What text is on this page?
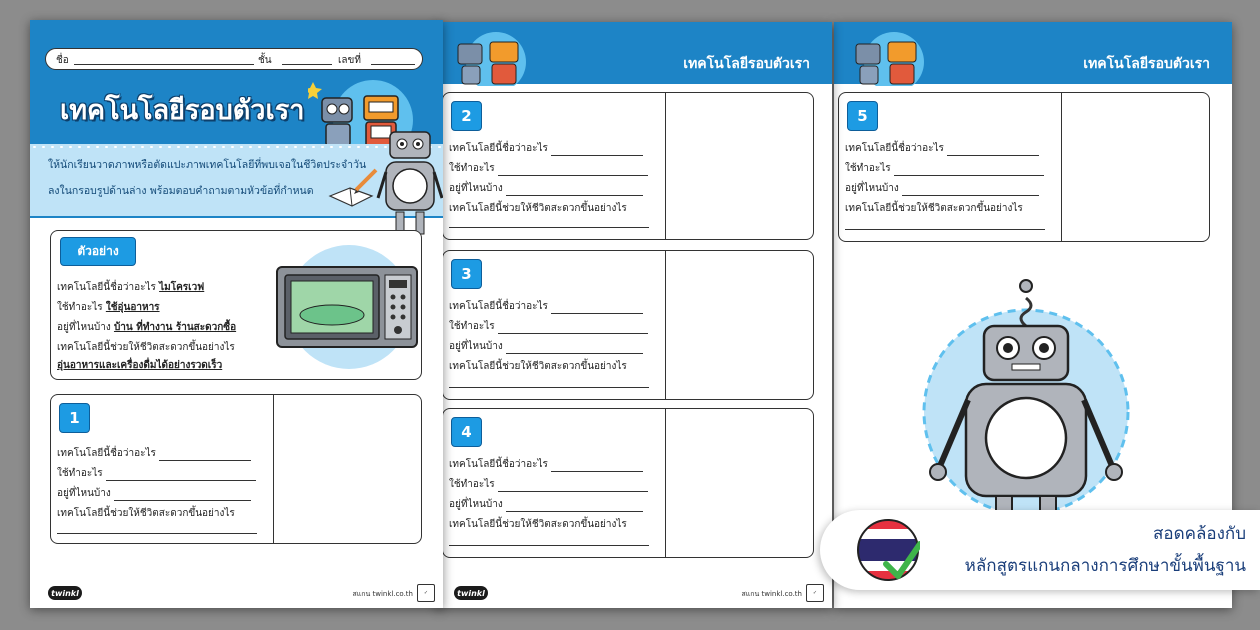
ชื่อ	ชั้น	เลขที่
เทคโนโลยีรอบตัวเรา
ให้นักเรียนวาดภาพหรือตัดแปะภาพเทคโนโลยีที่พบเจอในชีวิตประจำวัน
ลงในกรอบรูปด้านล่าง พร้อมตอบคำถามตามหัวข้อที่กำหนด
ตัวอย่าง
เทคโนโลยีนี้ชื่อว่าอะไร ไมโครเวฟ
ใช้ทำอะไร ใช้อุ่นอาหาร
อยู่ที่ไหนบ้าง บ้าน ที่ทำงาน ร้านสะดวกซื้อ
เทคโนโลยีนี้ช่วยให้ชีวิตสะดวกขึ้นอย่างไร
อุ่นอาหารและเครื่องดื่มได้อย่างรวดเร็ว
1
เทคโนโลยีนี้ชื่อว่าอะไร
ใช้ทำอะไร
อยู่ที่ไหนบ้าง
เทคโนโลยีนี้ช่วยให้ชีวิตสะดวกขึ้นอย่างไร
twinkl	สแกน twinkl.co.th	✓
เทคโนโลยีรอบตัวเรา
2
เทคโนโลยีนี้ชื่อว่าอะไร
ใช้ทำอะไร
อยู่ที่ไหนบ้าง
เทคโนโลยีนี้ช่วยให้ชีวิตสะดวกขึ้นอย่างไร
3
เทคโนโลยีนี้ชื่อว่าอะไร
ใช้ทำอะไร
อยู่ที่ไหนบ้าง
เทคโนโลยีนี้ช่วยให้ชีวิตสะดวกขึ้นอย่างไร
4
เทคโนโลยีนี้ชื่อว่าอะไร
ใช้ทำอะไร
อยู่ที่ไหนบ้าง
เทคโนโลยีนี้ช่วยให้ชีวิตสะดวกขึ้นอย่างไร
twinkl	สแกน twinkl.co.th	✓
เทคโนโลยีรอบตัวเรา
5
เทคโนโลยีนี้ชื่อว่าอะไร
ใช้ทำอะไร
อยู่ที่ไหนบ้าง
เทคโนโลยีนี้ช่วยให้ชีวิตสะดวกขึ้นอย่างไร
สอดคล้องกับ
หลักสูตรแกนกลางการศึกษาขั้นพื้นฐาน
